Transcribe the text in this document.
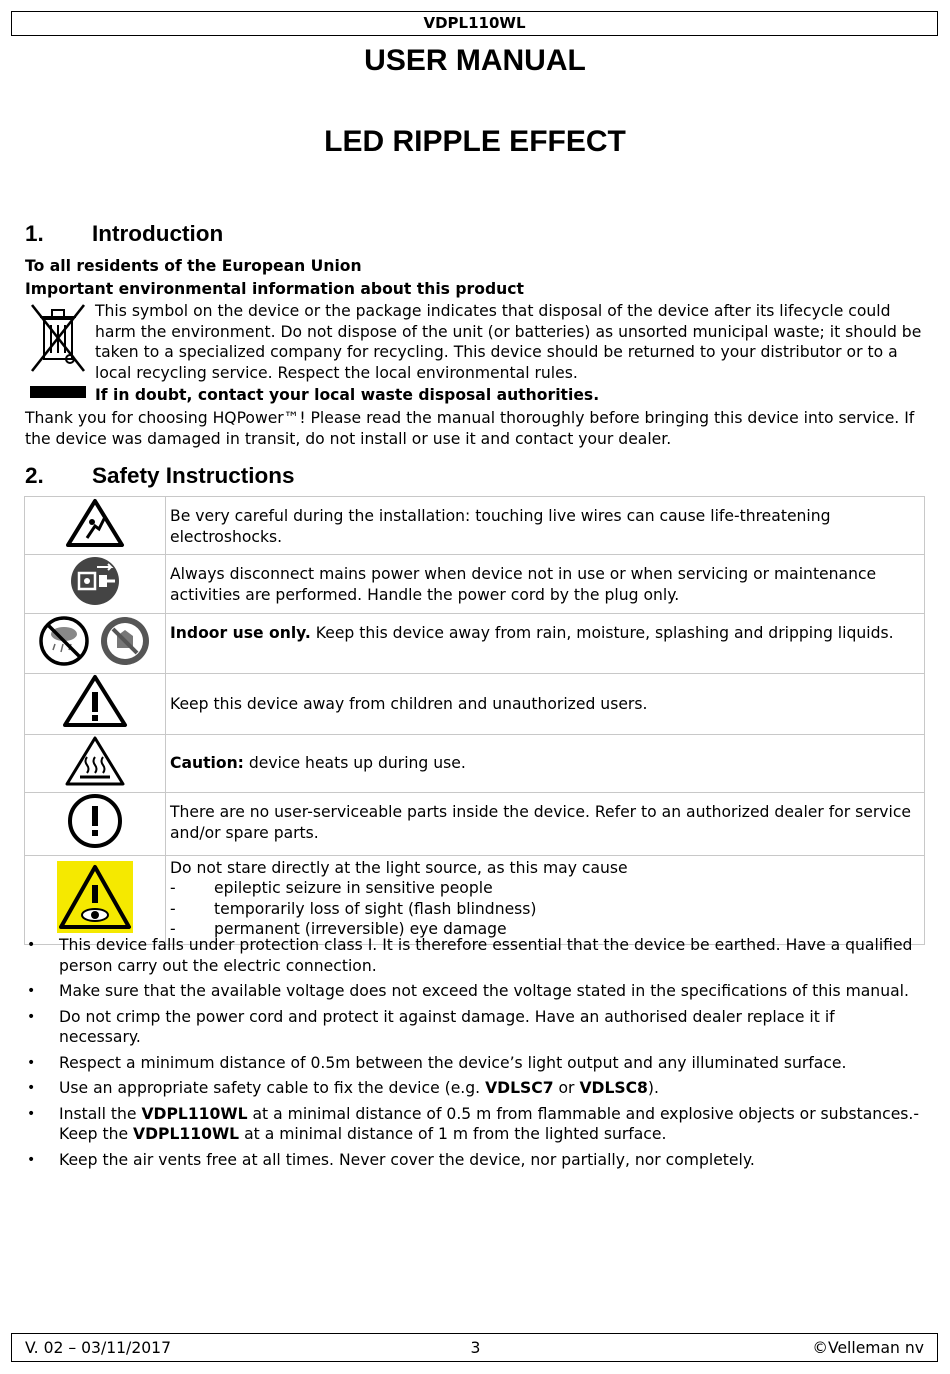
VDPL110WL
USER MANUAL
LED RIPPLE EFFECT
1. Introduction
To all residents of the European Union
Important environmental information about this product
This symbol on the device or the package indicates that disposal of the device after its lifecycle could harm the environment. Do not dispose of the unit (or batteries) as unsorted municipal waste; it should be taken to a specialized company for recycling. This device should be returned to your distributor or to a local recycling service. Respect the local environmental rules.
If in doubt, contact your local waste disposal authorities.
Thank you for choosing HQPower™! Please read the manual thoroughly before bringing this device into service. If the device was damaged in transit, do not install or use it and contact your dealer.
2. Safety Instructions
	Be very careful during the installation: touching live wires can cause life-threatening electroshocks.
	Always disconnect mains power when device not in use or when servicing or maintenance activities are performed. Handle the power cord by the plug only.
	Indoor use only. Keep this device away from rain, moisture, splashing and dripping liquids.
	Keep this device away from children and unauthorized users.
	Caution: device heats up during use.
	There are no user-serviceable parts inside the device. Refer to an authorized dealer for service and/or spare parts.
	Do not stare directly at the light source, as this may cause
- epileptic seizure in sensitive people
- temporarily loss of sight (flash blindness)
- permanent (irreversible) eye damage
• This device falls under protection class I. It is therefore essential that the device be earthed. Have a qualified person carry out the electric connection.
• Make sure that the available voltage does not exceed the voltage stated in the specifications of this manual.
• Do not crimp the power cord and protect it against damage. Have an authorised dealer replace it if necessary.
• Respect a minimum distance of 0.5m between the device’s light output and any illuminated surface.
• Use an appropriate safety cable to fix the device (e.g. VDLSC7 or VDLSC8).
• Install the VDPL110WL at a minimal distance of 0.5 m from flammable and explosive objects or substances.-Keep the VDPL110WL at a minimal distance of 1 m from the lighted surface.
• Keep the air vents free at all times. Never cover the device, nor partially, nor completely.
V. 02 – 03/11/2017	3	©Velleman nv
